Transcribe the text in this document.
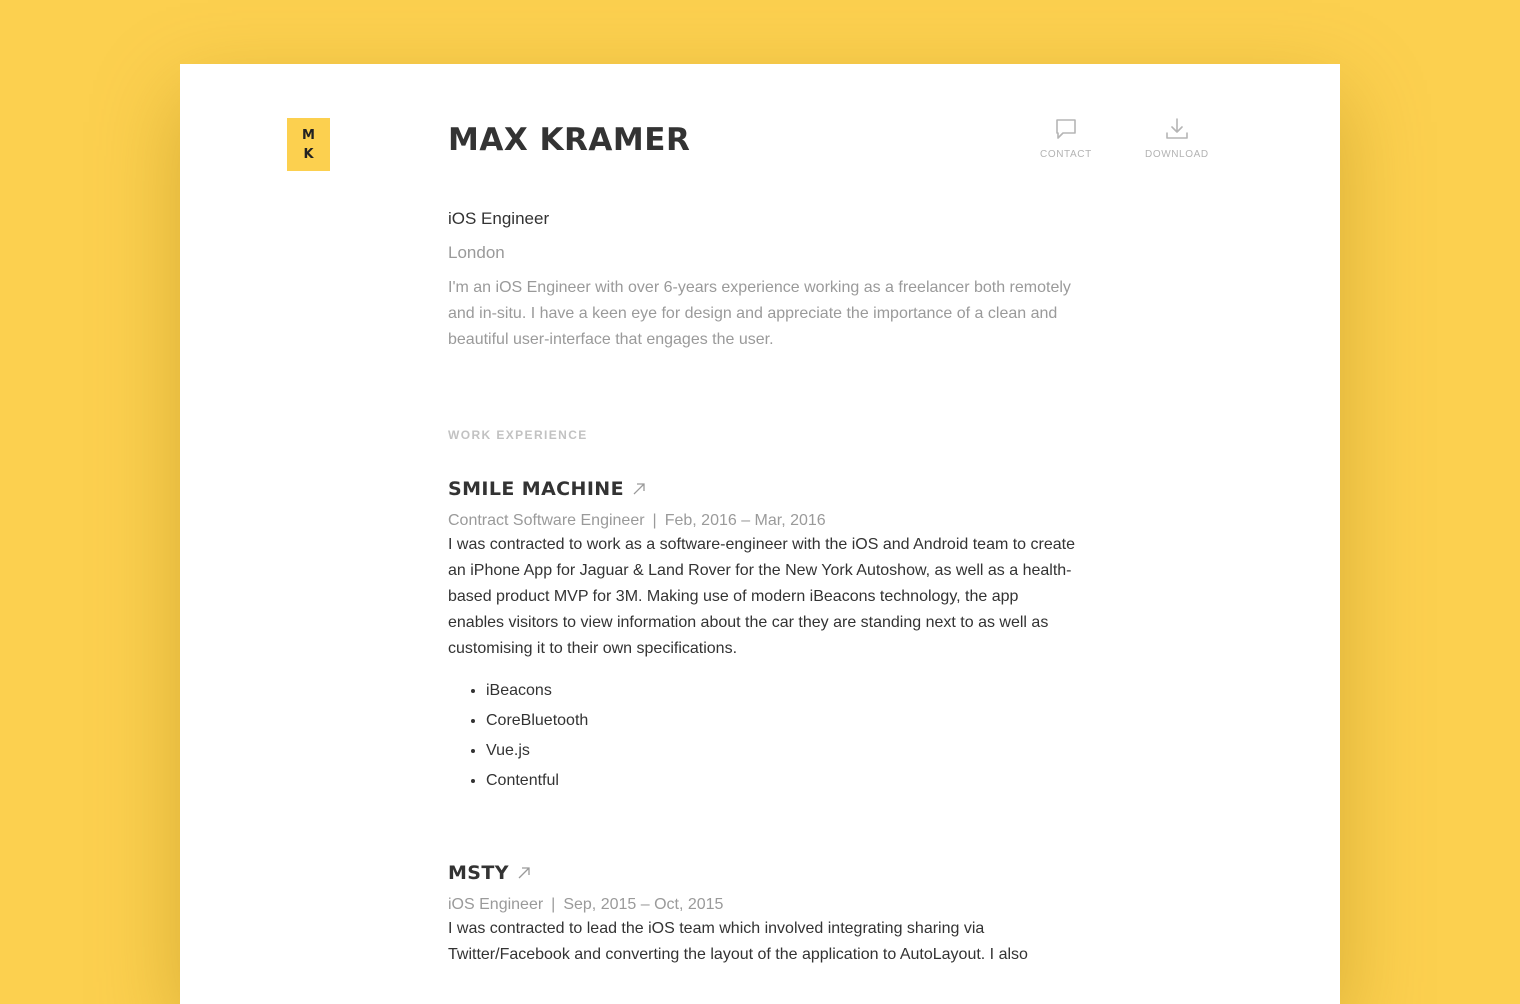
M
K	MAX KRAMER	CONTACT	DOWNLOAD
iOS Engineer
London

I'm an iOS Engineer with over 6-years experience working as a freelancer both remotely and in-situ. I have a keen eye for design and appreciate the importance of a clean and beautiful user-interface that engages the user.

WORK EXPERIENCE
SMILE MACHINE
Contract Software Engineer | Feb, 2016 – Mar, 2016

I was contracted to work as a software-engineer with the iOS and Android team to create an iPhone App for Jaguar & Land Rover for the New York Autoshow, as well as a health-based product MVP for 3M. Making use of modern iBeacons technology, the app enables visitors to view information about the car they are standing next to as well as customising it to their own specifications.

• iBeacons
• CoreBluetooth
• Vue.js
• Contentful
MSTY
iOS Engineer | Sep, 2015 – Oct, 2015

I was contracted to lead the iOS team which involved integrating sharing via Twitter/Facebook and converting the layout of the application to AutoLayout. I also
